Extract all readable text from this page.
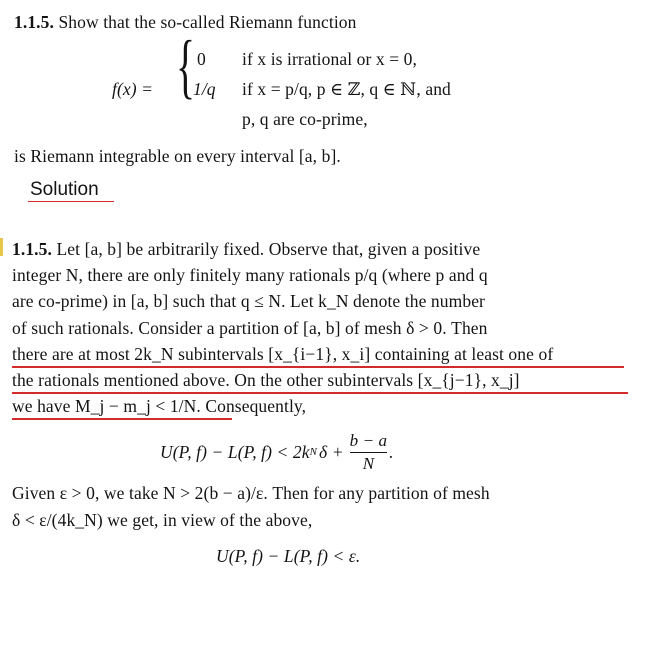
1.1.5. Show that the so-called Riemann function
f(x) = { 0 if x is irrational or x = 0,
1/q if x = p/q, p ∈ ℤ, q ∈ ℕ, and
p, q are co-prime,
is Riemann integrable on every interval [a, b].
Solution
1.1.5. Let [a, b] be arbitrarily fixed. Observe that, given a positive
integer N, there are only finitely many rationals p/q (where p and q
are co-prime) in [a, b] such that q ≤ N. Let k_N denote the number
of such rationals. Consider a partition of [a, b] of mesh δ > 0. Then
there are at most 2k_N subintervals [x_{i−1}, x_i] containing at least one of
the rationals mentioned above. On the other subintervals [x_{j−1}, x_j]
we have M_j − m_j < 1/N. Consequently,
U(P, f) − L(P, f) < 2k N $\delta + \frac{b - a}{N}$ .
Given ε > 0, we take N > 2(b − a)/ε. Then for any partition of mesh
δ < ε/(4k_N) we get, in view of the above,
U(P, f) − L(P, f) < ε.
